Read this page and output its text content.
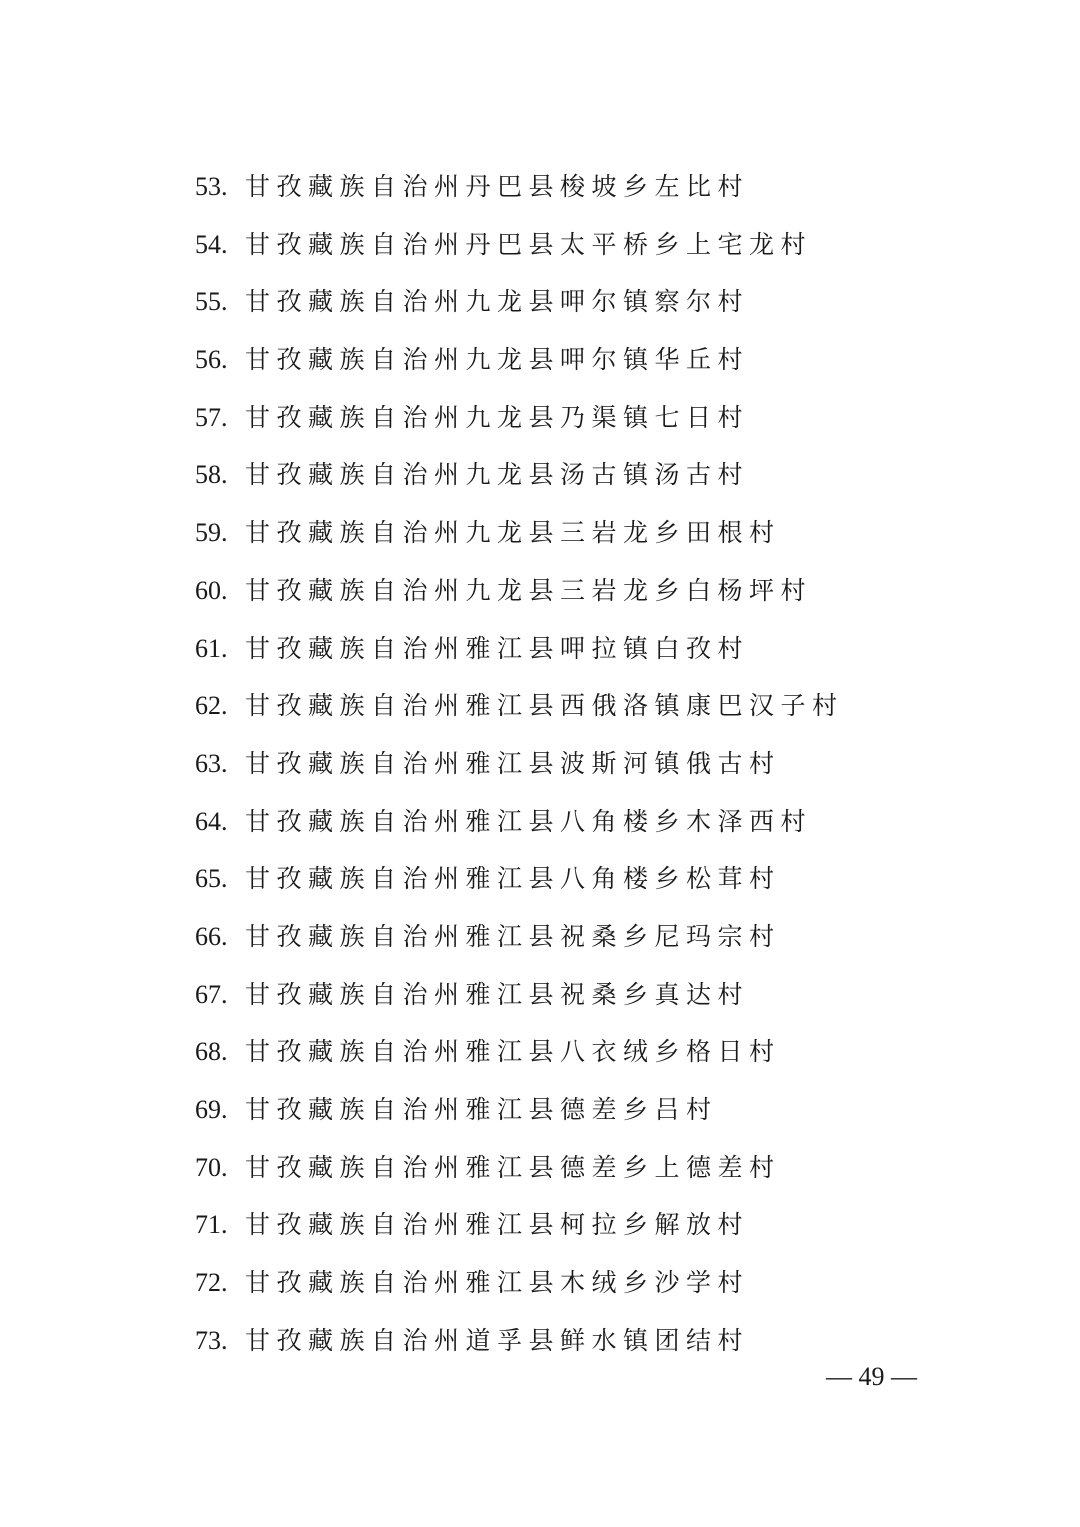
53. 甘孜藏族自治州丹巴县梭坡乡左比村
54. 甘孜藏族自治州丹巴县太平桥乡上宅龙村
55. 甘孜藏族自治州九龙县呷尔镇察尔村
56. 甘孜藏族自治州九龙县呷尔镇华丘村
57. 甘孜藏族自治州九龙县乃渠镇七日村
58. 甘孜藏族自治州九龙县汤古镇汤古村
59. 甘孜藏族自治州九龙县三岩龙乡田根村
60. 甘孜藏族自治州九龙县三岩龙乡白杨坪村
61. 甘孜藏族自治州雅江县呷拉镇白孜村
62. 甘孜藏族自治州雅江县西俄洛镇康巴汉子村
63. 甘孜藏族自治州雅江县波斯河镇俄古村
64. 甘孜藏族自治州雅江县八角楼乡木泽西村
65. 甘孜藏族自治州雅江县八角楼乡松茸村
66. 甘孜藏族自治州雅江县祝桑乡尼玛宗村
67. 甘孜藏族自治州雅江县祝桑乡真达村
68. 甘孜藏族自治州雅江县八衣绒乡格日村
69. 甘孜藏族自治州雅江县德差乡吕村
70. 甘孜藏族自治州雅江县德差乡上德差村
71. 甘孜藏族自治州雅江县柯拉乡解放村
72. 甘孜藏族自治州雅江县木绒乡沙学村
73. 甘孜藏族自治州道孚县鲜水镇团结村
— 49 —
